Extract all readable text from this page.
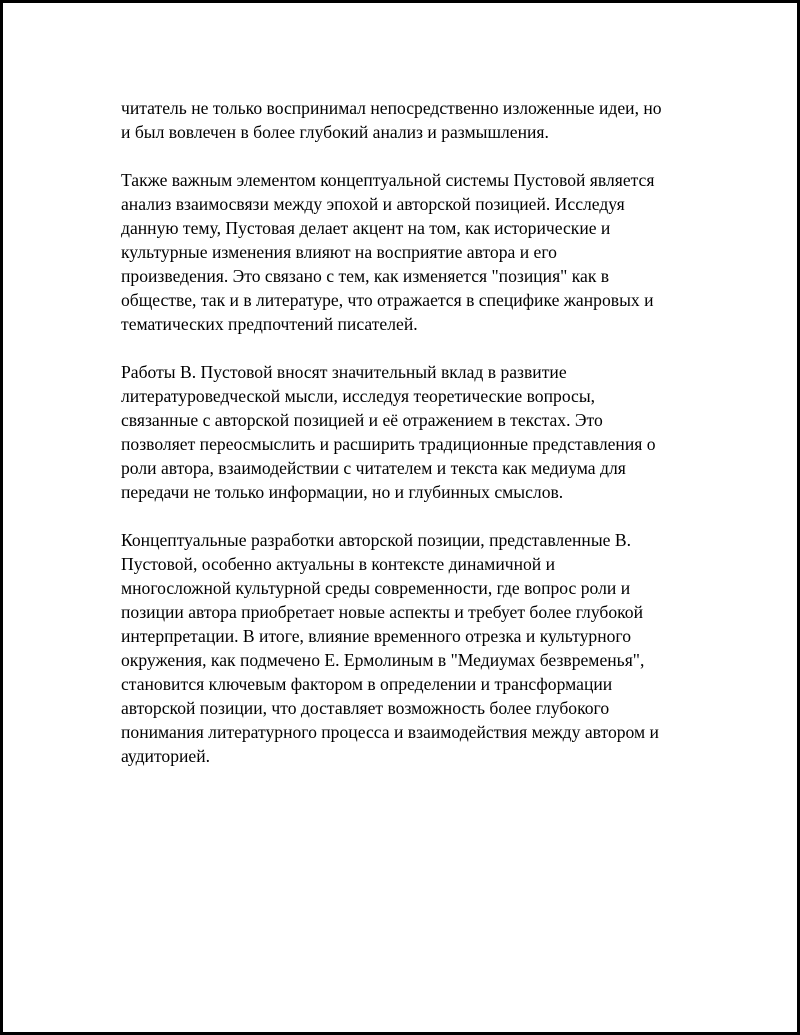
читатель не только воспринимал непосредственно изложенные идеи, но
и был вовлечен в более глубокий анализ и размышления.

Также важным элементом концептуальной системы Пустовой является
анализ взаимосвязи между эпохой и авторской позицией. Исследуя
данную тему, Пустовая делает акцент на том, как исторические и
культурные изменения влияют на восприятие автора и его
произведения. Это связано с тем, как изменяется "позиция" как в
обществе, так и в литературе, что отражается в специфике жанровых и
тематических предпочтений писателей.

Работы В. Пустовой вносят значительный вклад в развитие
литературоведческой мысли, исследуя теоретические вопросы,
связанные с авторской позицией и её отражением в текстах. Это
позволяет переосмыслить и расширить традиционные представления о
роли автора, взаимодействии с читателем и текста как медиума для
передачи не только информации, но и глубинных смыслов.

Концептуальные разработки авторской позиции, представленные В.
Пустовой, особенно актуальны в контексте динамичной и
многосложной культурной среды современности, где вопрос роли и
позиции автора приобретает новые аспекты и требует более глубокой
интерпретации. В итоге, влияние временного отрезка и культурного
окружения, как подмечено Е. Ермолиным в "Медиумах безвременья",
становится ключевым фактором в определении и трансформации
авторской позиции, что доставляет возможность более глубокого
понимания литературного процесса и взаимодействия между автором и
аудиторией.
